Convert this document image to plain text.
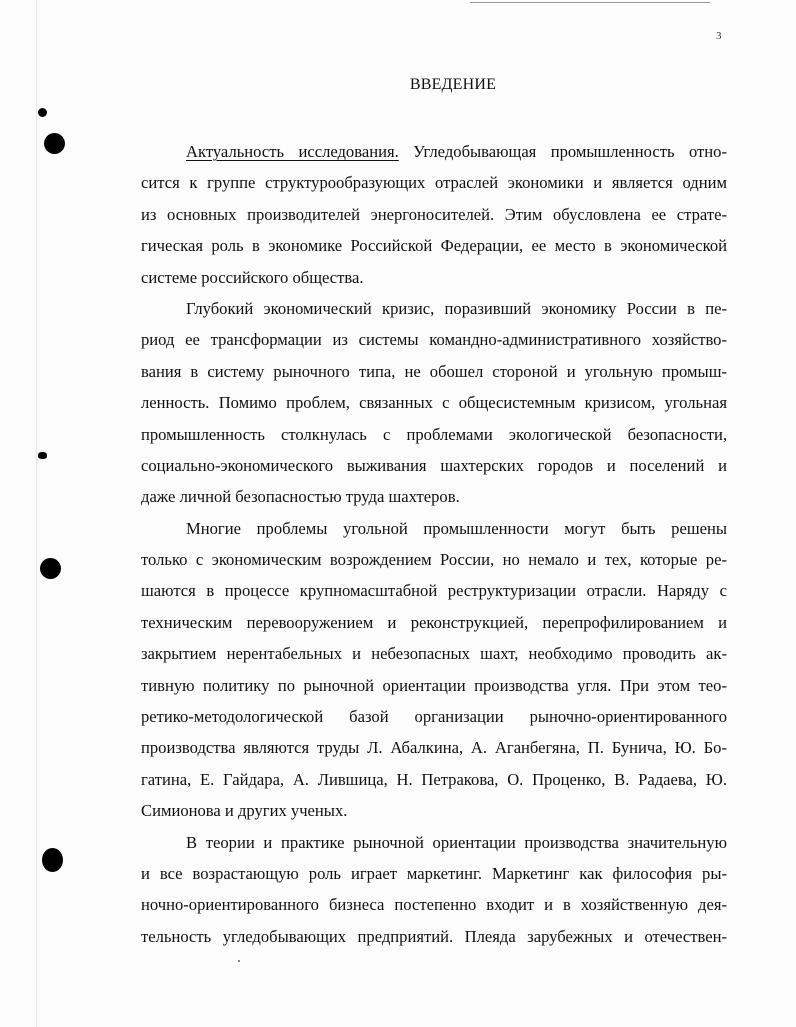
3
ВВЕДЕНИЕ
Актуальность исследования. Угледобывающая промышленность отно-
сится к группе структурообразующих отраслей экономики и является одним
из основных производителей энергоносителей. Этим обусловлена ее страте-
гическая роль в экономике Российской Федерации, ее место в экономической
системе российского общества.
Глубокий экономический кризис, поразивший экономику России в пе-
риод ее трансформации из системы командно-административного хозяйство-
вания в систему рыночного типа, не обошел стороной и угольную промыш-
ленность. Помимо проблем, связанных с общесистемным кризисом, угольная
промышленность столкнулась с проблемами экологической безопасности,
социально-экономического выживания шахтерских городов и поселений и
даже личной безопасностью труда шахтеров.
Многие проблемы угольной промышленности могут быть решены
только с экономическим возрождением России, но немало и тех, которые ре-
шаются в процессе крупномасштабной реструктуризации отрасли. Наряду с
техническим перевооружением и реконструкцией, перепрофилированием и
закрытием нерентабельных и небезопасных шахт, необходимо проводить ак-
тивную политику по рыночной ориентации производства угля. При этом тео-
ретико-методологической базой организации рыночно-ориентированного
производства являются труды Л. Абалкина, А. Аганбегяна, П. Бунича, Ю. Бо-
гатина, Е. Гайдара, А. Лившица, Н. Петракова, О. Проценко, В. Радаева, Ю.
Симионова и других ученых.
В теории и практике рыночной ориентации производства значительную
и все возрастающую роль играет маркетинг. Маркетинг как философия ры-
ночно-ориентированного бизнеса постепенно входит и в хозяйственную дея-
тельность угледобывающих предприятий. Плеяда зарубежных и отечествен-
